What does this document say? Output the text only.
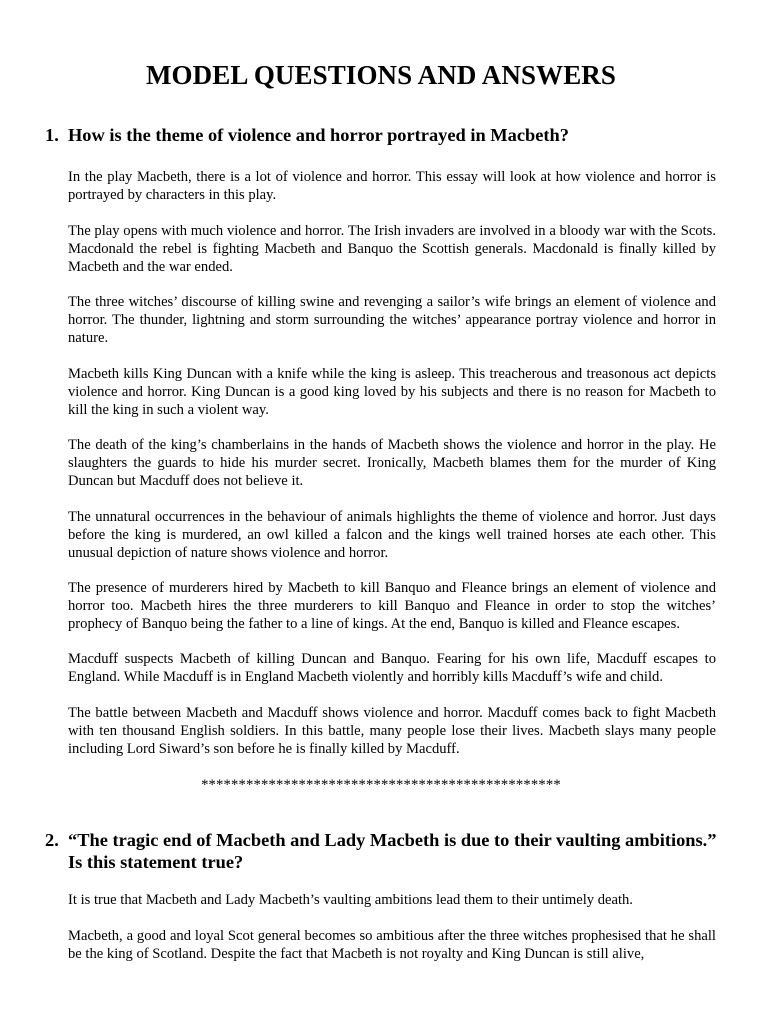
MODEL QUESTIONS AND ANSWERS
1. How is the theme of violence and horror portrayed in Macbeth?

In the play Macbeth, there is a lot of violence and horror. This essay will look at how violence and horror is portrayed by characters in this play.

The play opens with much violence and horror. The Irish invaders are involved in a bloody war with the Scots. Macdonald the rebel is fighting Macbeth and Banquo the Scottish generals. Macdonald is finally killed by Macbeth and the war ended.

The three witches’ discourse of killing swine and revenging a sailor’s wife brings an element of violence and horror. The thunder, lightning and storm surrounding the witches’ appearance portray violence and horror in nature.

Macbeth kills King Duncan with a knife while the king is asleep. This treacherous and treasonous act depicts violence and horror. King Duncan is a good king loved by his subjects and there is no reason for Macbeth to kill the king in such a violent way.

The death of the king’s chamberlains in the hands of Macbeth shows the violence and horror in the play. He slaughters the guards to hide his murder secret. Ironically, Macbeth blames them for the murder of King Duncan but Macduff does not believe it.

The unnatural occurrences in the behaviour of animals highlights the theme of violence and horror. Just days before the king is murdered, an owl killed a falcon and the kings well trained horses ate each other. This unusual depiction of nature shows violence and horror.

The presence of murderers hired by Macbeth to kill Banquo and Fleance brings an element of violence and horror too. Macbeth hires the three murderers to kill Banquo and Fleance in order to stop the witches’ prophecy of Banquo being the father to a line of kings. At the end, Banquo is killed and Fleance escapes.

Macduff suspects Macbeth of killing Duncan and Banquo. Fearing for his own life, Macduff escapes to England. While Macduff is in England Macbeth violently and horribly kills Macduff’s wife and child.

The battle between Macbeth and Macduff shows violence and horror. Macduff comes back to fight Macbeth with ten thousand English soldiers. In this battle, many people lose their lives. Macbeth slays many people including Lord Siward’s son before he is finally killed by Macduff.

************************************************
2. “The tragic end of Macbeth and Lady Macbeth is due to their vaulting ambitions.” Is this statement true?

It is true that Macbeth and Lady Macbeth’s vaulting ambitions lead them to their untimely death.

Macbeth, a good and loyal Scot general becomes so ambitious after the three witches prophesised that he shall be the king of Scotland. Despite the fact that Macbeth is not royalty and King Duncan is still alive,
